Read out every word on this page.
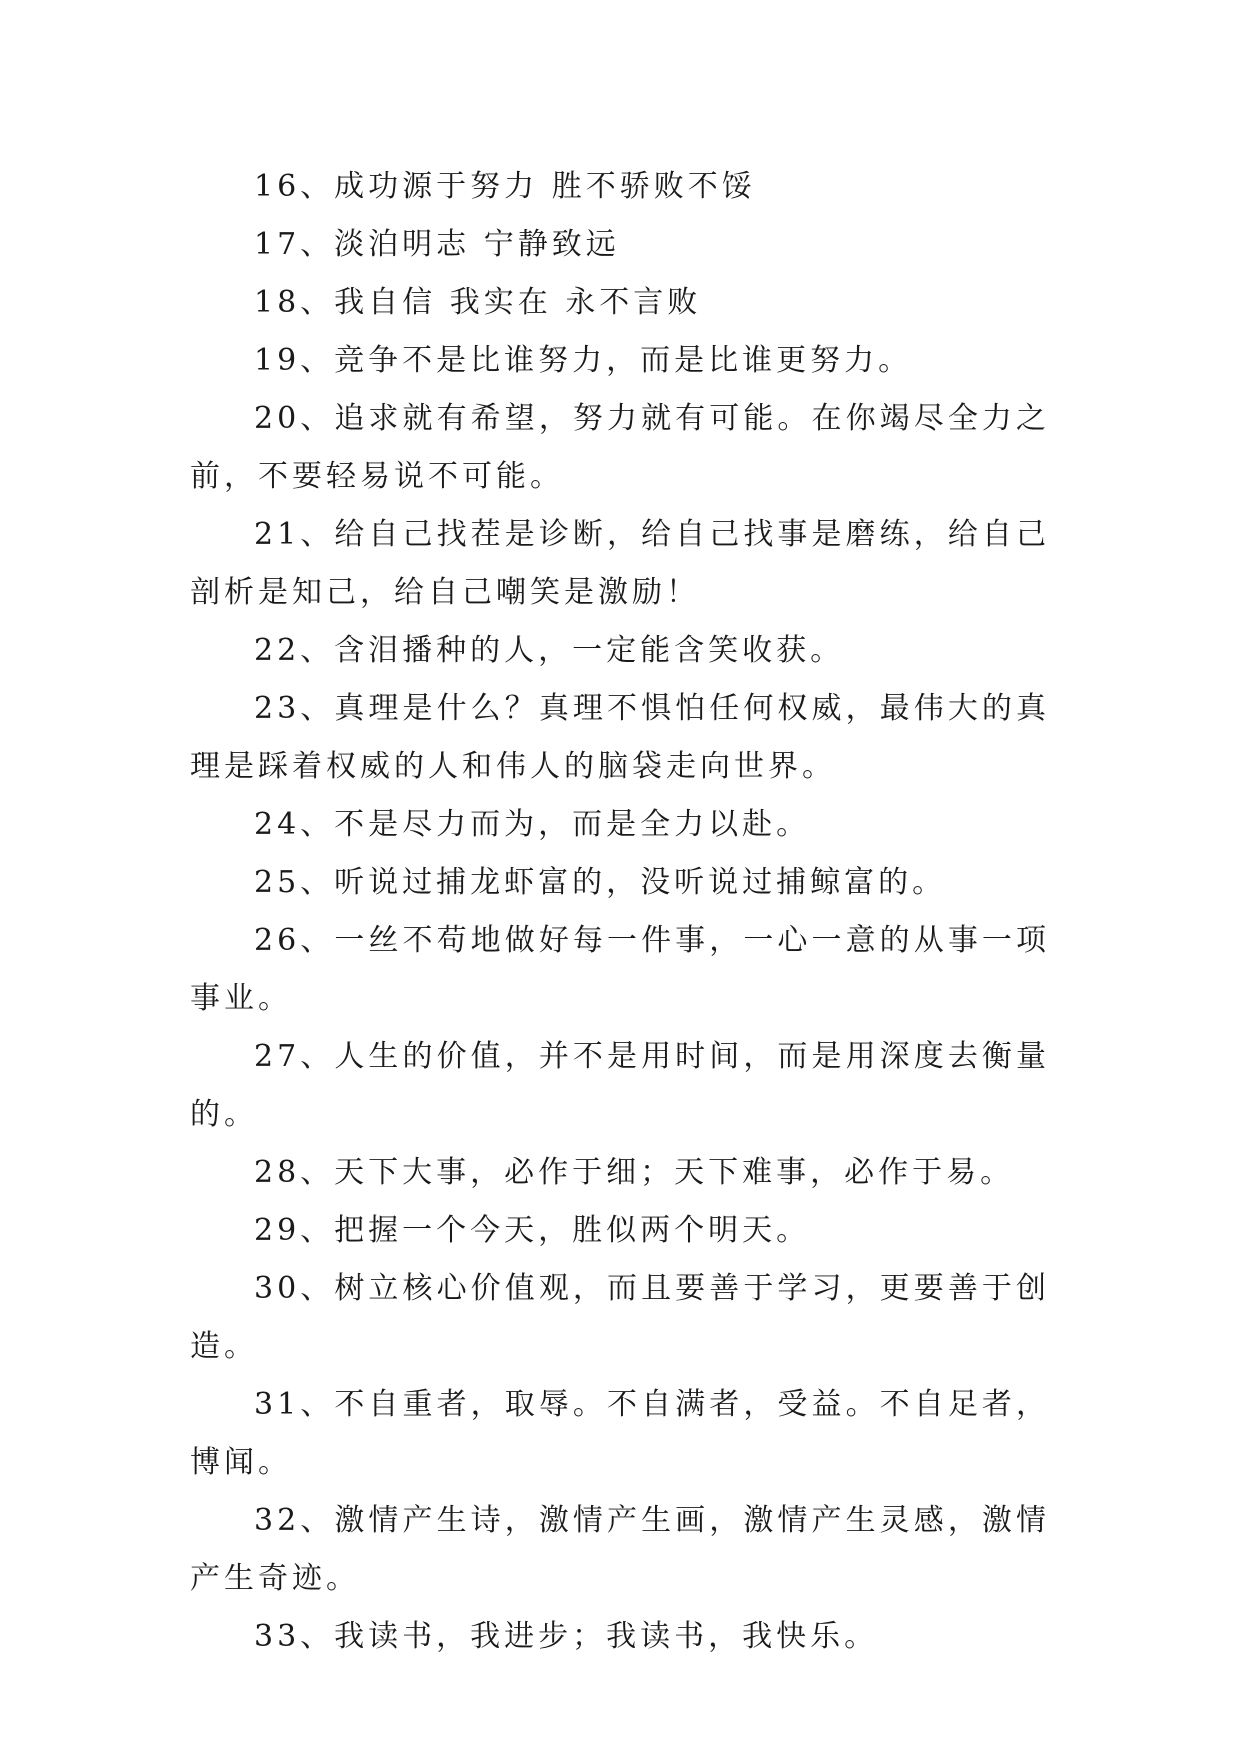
16、成功源于努力 胜不骄败不馁

17、淡泊明志 宁静致远

18、我自信 我实在 永不言败

19、竞争不是比谁努力，而是比谁更努力。

20、追求就有希望，努力就有可能。在你竭尽全力之前，不要轻易说不可能。

21、给自己找茬是诊断，给自己找事是磨练，给自己剖析是知己，给自己嘲笑是激励！

22、含泪播种的人，一定能含笑收获。

23、真理是什么？真理不惧怕任何权威，最伟大的真理是踩着权威的人和伟人的脑袋走向世界。

24、不是尽力而为，而是全力以赴。

25、听说过捕龙虾富的，没听说过捕鲸富的。

26、一丝不苟地做好每一件事，一心一意的从事一项事业。

27、人生的价值，并不是用时间，而是用深度去衡量的。

28、天下大事，必作于细；天下难事，必作于易。

29、把握一个今天，胜似两个明天。

30、树立核心价值观，而且要善于学习，更要善于创造。

31、不自重者，取辱。不自满者，受益。不自足者，博闻。

32、激情产生诗，激情产生画，激情产生灵感，激情产生奇迹。

33、我读书，我进步；我读书，我快乐。
